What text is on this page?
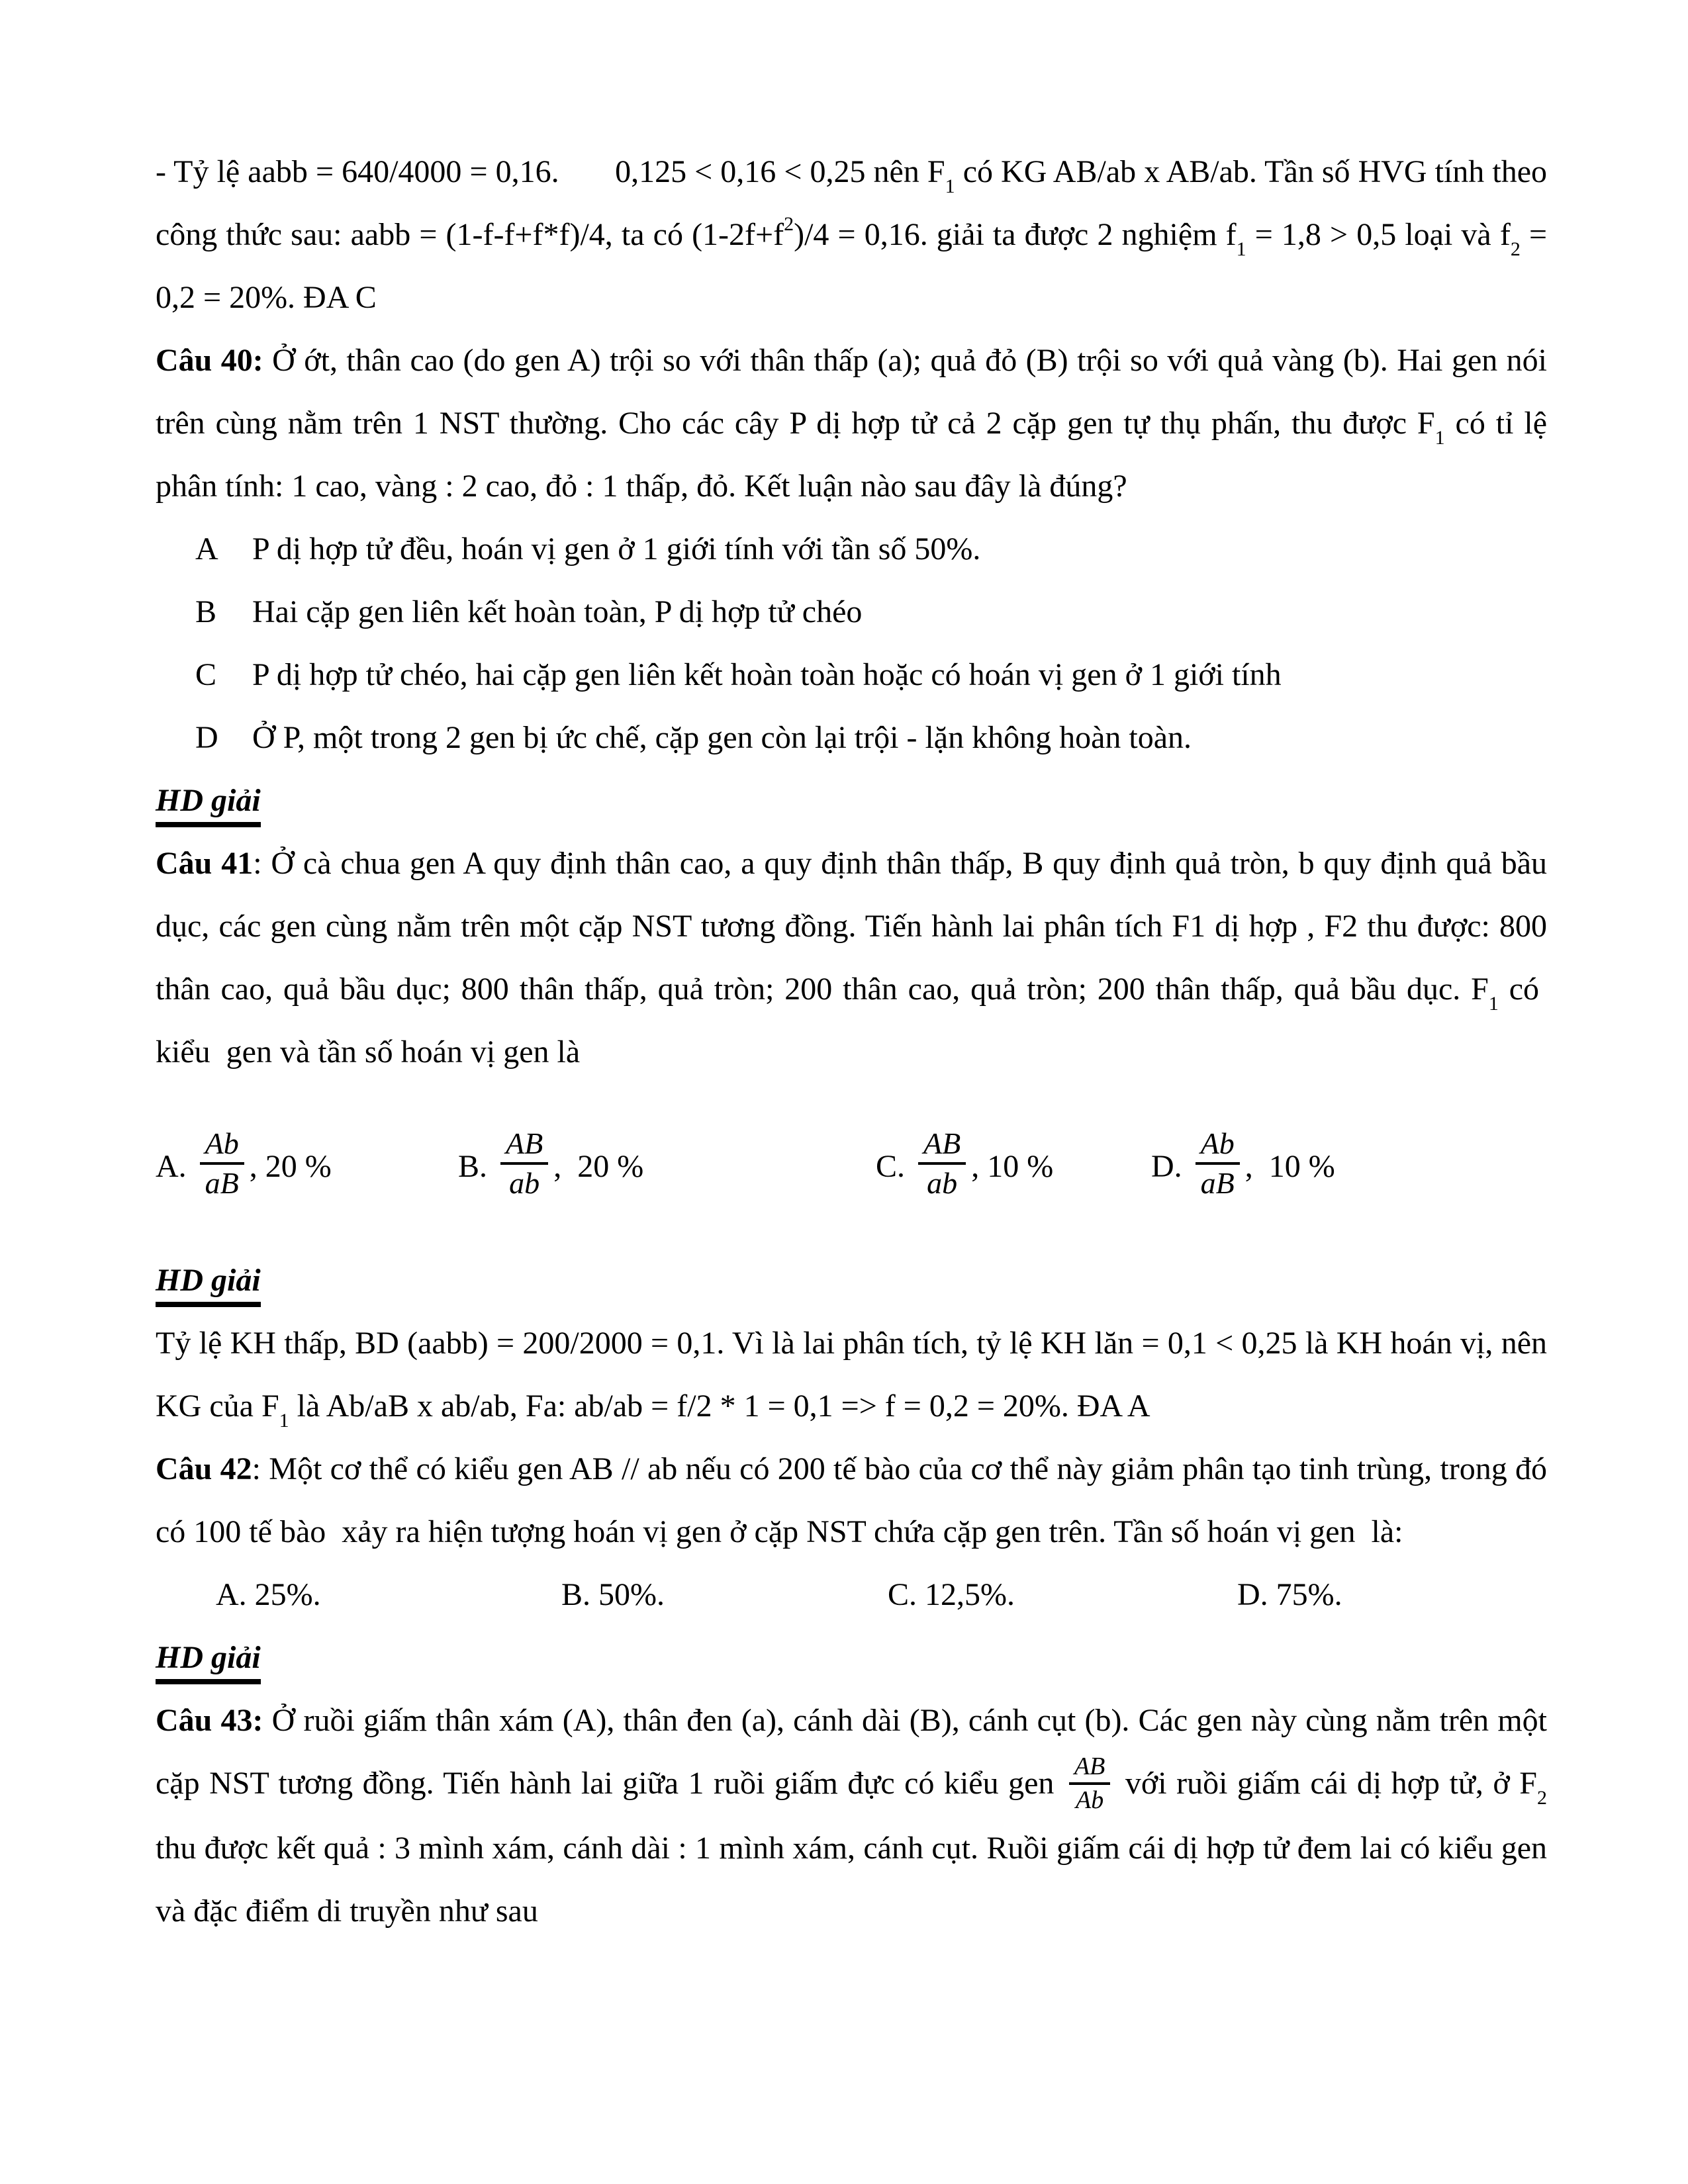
- Tỷ lệ aabb = 640/4000 = 0,16.       0,125 < 0,16 < 0,25 nên $F_1$ có KG AB/ab x AB/ab. Tần số HVG tính theo công thức sau: aabb = (1-f-f+f*f)/4, ta có $(1-2f+f^2)/4 = 0,16$. giải ta được 2 nghiệm $f_1 = 1,8 > 0,5$ loại và $f_2 = 0,2 = 20\%$. ĐA C

Câu 40: Ở ớt, thân cao (do gen A) trội so với thân thấp (a); quả đỏ (B) trội so với quả vàng (b). Hai gen nói trên cùng nằm trên 1 NST thường. Cho các cây P dị hợp tử cả 2 cặp gen tự thụ phấn, thu được $F_1$ có tỉ lệ phân tính: 1 cao, vàng : 2 cao, đỏ : 1 thấp, đỏ. Kết luận nào sau đây là đúng?

A	P dị hợp tử đều, hoán vị gen ở 1 giới tính với tần số 50%.
B	Hai cặp gen liên kết hoàn toàn, P dị hợp tử chéo
C	P dị hợp tử chéo, hai cặp gen liên kết hoàn toàn hoặc có hoán vị gen ở 1 giới tính
D	Ở P, một trong 2 gen bị ức chế, cặp gen còn lại trội - lặn không hoàn toàn.

HD giải

Câu 41: Ở cà chua gen A quy định thân cao, a quy định thân thấp, B quy định quả tròn, b quy định quả bầu dục, các gen cùng nằm trên một cặp NST tương đồng. Tiến hành lai phân tích F1 dị hợp , F2 thu được: 800 thân cao, quả bầu dục; 800 thân thấp, quả tròn; 200 thân cao, quả tròn; 200 thân thấp, quả bầu dục. $F_1$ có  kiểu  gen và tần số hoán vị gen là

A. $\frac{Ab}{aB}$ , 20 %	B. $\frac{AB}{ab}$ ,  20 %	C. $\frac{AB}{ab}$ , 10 %	D. $\frac{Ab}{aB}$ ,  10 %

HD giải

Tỷ lệ KH thấp, BD (aabb) = 200/2000 = 0,1. Vì là lai phân tích, tỷ lệ KH lăn = 0,1 < 0,25 là KH hoán vị, nên KG của $F_1$ là Ab/aB x ab/ab, Fa: ab/ab = f/2 * 1 = 0,1 => f = 0,2 = 20%. ĐA A

Câu 42: Một cơ thể có kiểu gen AB // ab nếu có 200 tế bào của cơ thể này giảm phân tạo tinh trùng, trong đó có 100 tế bào  xảy ra hiện tượng hoán vị gen ở cặp NST chứa cặp gen trên. Tần số hoán vị gen  là:

A. 25%.	B. 50%.	C. 12,5%.	D. 75%.

HD giải

Câu 43: Ở ruồi giấm thân xám (A), thân đen (a), cánh dài (B), cánh cụt (b). Các gen này cùng nằm trên một cặp NST tương đồng. Tiến hành lai giữa 1 ruồi giấm đực có kiểu gen $\frac{AB}{Ab}$ với ruồi giấm cái dị hợp tử, ở $F_2$ thu được kết quả : 3 mình xám, cánh dài : 1 mình xám, cánh cụt. Ruồi giấm cái dị hợp tử đem lai có kiểu gen và đặc điểm di truyền như sau
